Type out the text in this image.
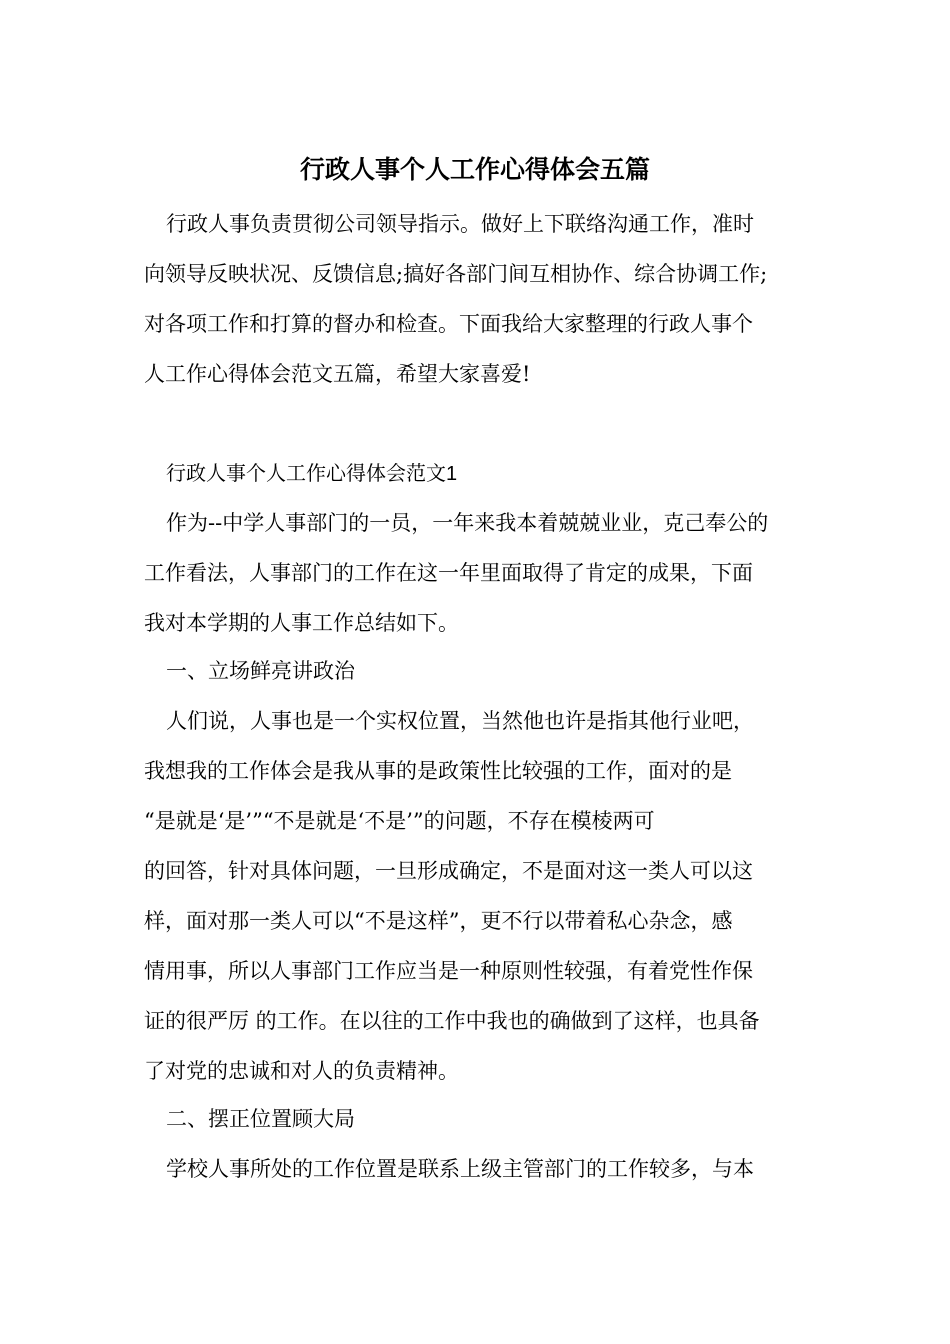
行政人事个人工作心得体会五篇
行政人事负责贯彻公司领导指示。做好上下联络沟通工作，准时
向领导反映状况、反馈信息;搞好各部门间互相协作、综合协调工作;
对各项工作和打算的督办和检查。下面我给大家整理的行政人事个
人工作心得体会范文五篇，希望大家喜爱!
行政人事个人工作心得体会范文1
作为--中学人事部门的一员，一年来我本着兢兢业业，克己奉公的
工作看法，人事部门的工作在这一年里面取得了肯定的成果，下面
我对本学期的人事工作总结如下。
一、立场鲜亮讲政治
人们说，人事也是一个实权位置，当然他也许是指其他行业吧，
我想我的工作体会是我从事的是政策性比较强的工作，面对的是
“是就是‘是’”“不是就是‘不是’”的问题，不存在模棱两可
的回答，针对具体问题，一旦形成确定，不是面对这一类人可以这
样，面对那一类人可以“不是这样”，更不行以带着私心杂念，感
情用事，所以人事部门工作应当是一种原则性较强，有着党性作保
证的很严厉 的工作。在以往的工作中我也的确做到了这样，也具备
了对党的忠诚和对人的负责精神。
二、摆正位置顾大局
学校人事所处的工作位置是联系上级主管部门的工作较多，与本
